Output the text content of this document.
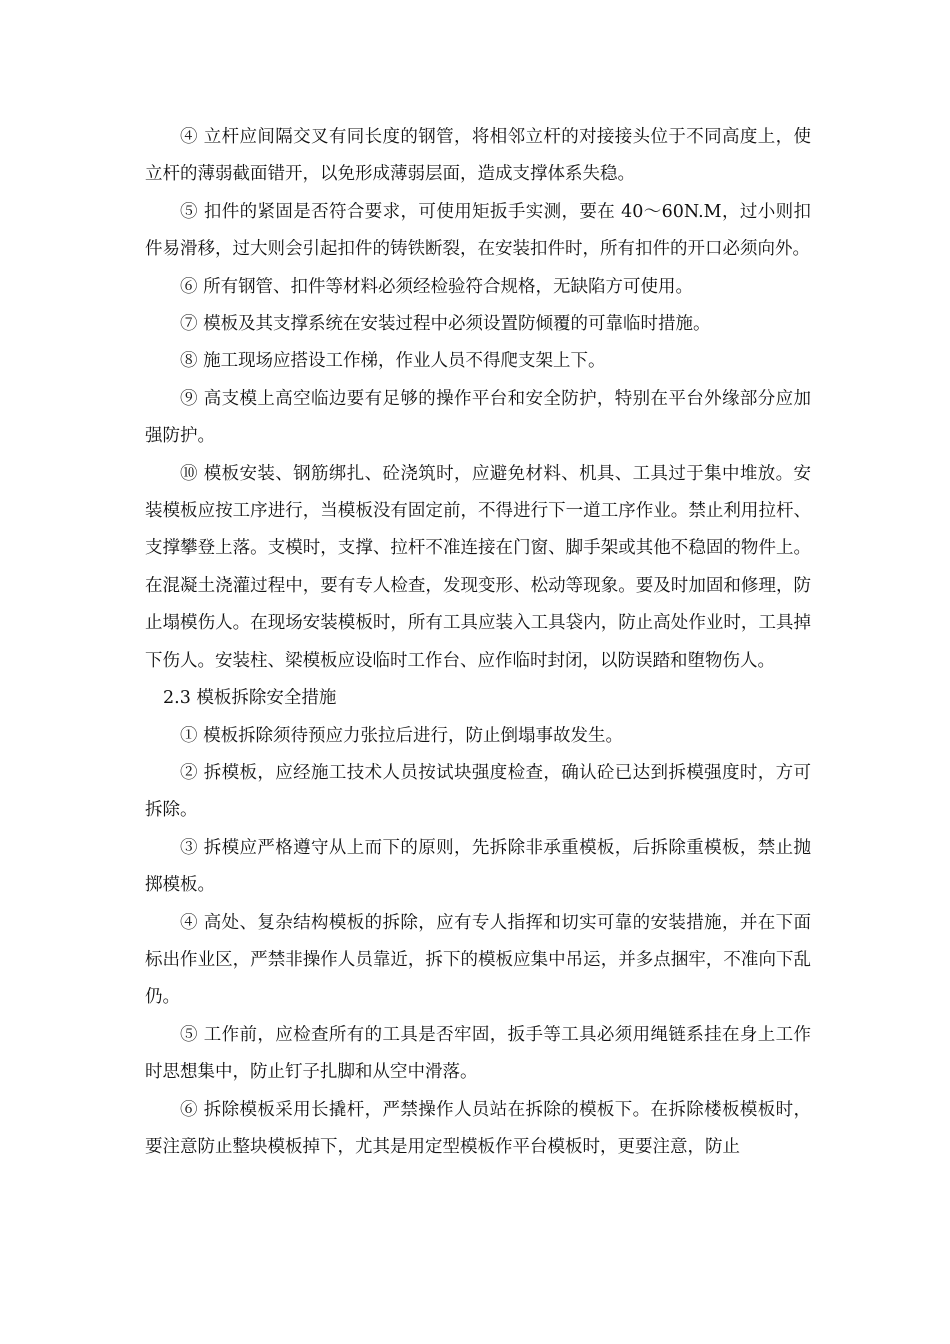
④ 立杆应间隔交叉有同长度的钢管，将相邻立杆的对接接头位于不同高度上，使立杆的薄弱截面错开，以免形成薄弱层面，造成支撑体系失稳。

⑤ 扣件的紧固是否符合要求，可使用矩扳手实测，要在 40～60N.M，过小则扣件易滑移，过大则会引起扣件的铸铁断裂，在安装扣件时，所有扣件的开口必须向外。

⑥ 所有钢管、扣件等材料必须经检验符合规格，无缺陷方可使用。

⑦ 模板及其支撑系统在安装过程中必须设置防倾覆的可靠临时措施。

⑧ 施工现场应搭设工作梯，作业人员不得爬支架上下。

⑨ 高支模上高空临边要有足够的操作平台和安全防护，特别在平台外缘部分应加强防护。

⑩ 模板安装、钢筋绑扎、砼浇筑时，应避免材料、机具、工具过于集中堆放。安装模板应按工序进行，当模板没有固定前，不得进行下一道工序作业。禁止利用拉杆、支撑攀登上落。支模时，支撑、拉杆不准连接在门窗、脚手架或其他不稳固的物件上。在混凝土浇灌过程中，要有专人检查，发现变形、松动等现象。要及时加固和修理，防止塌模伤人。在现场安装模板时，所有工具应装入工具袋内，防止高处作业时，工具掉下伤人。安装柱、梁模板应设临时工作台、应作临时封闭，以防误踏和堕物伤人。

2.3 模板拆除安全措施

① 模板拆除须待预应力张拉后进行，防止倒塌事故发生。

② 拆模板，应经施工技术人员按试块强度检查，确认砼已达到拆模强度时，方可拆除。

③ 拆模应严格遵守从上而下的原则，先拆除非承重模板，后拆除重模板，禁止抛掷模板。

④ 高处、复杂结构模板的拆除，应有专人指挥和切实可靠的安装措施，并在下面标出作业区，严禁非操作人员靠近，拆下的模板应集中吊运，并多点捆牢，不准向下乱仍。

⑤ 工作前，应检查所有的工具是否牢固，扳手等工具必须用绳链系挂在身上工作时思想集中，防止钉子扎脚和从空中滑落。

⑥ 拆除模板采用长撬杆，严禁操作人员站在拆除的模板下。在拆除楼板模板时，要注意防止整块模板掉下，尤其是用定型模板作平台模板时，更要注意，防止
